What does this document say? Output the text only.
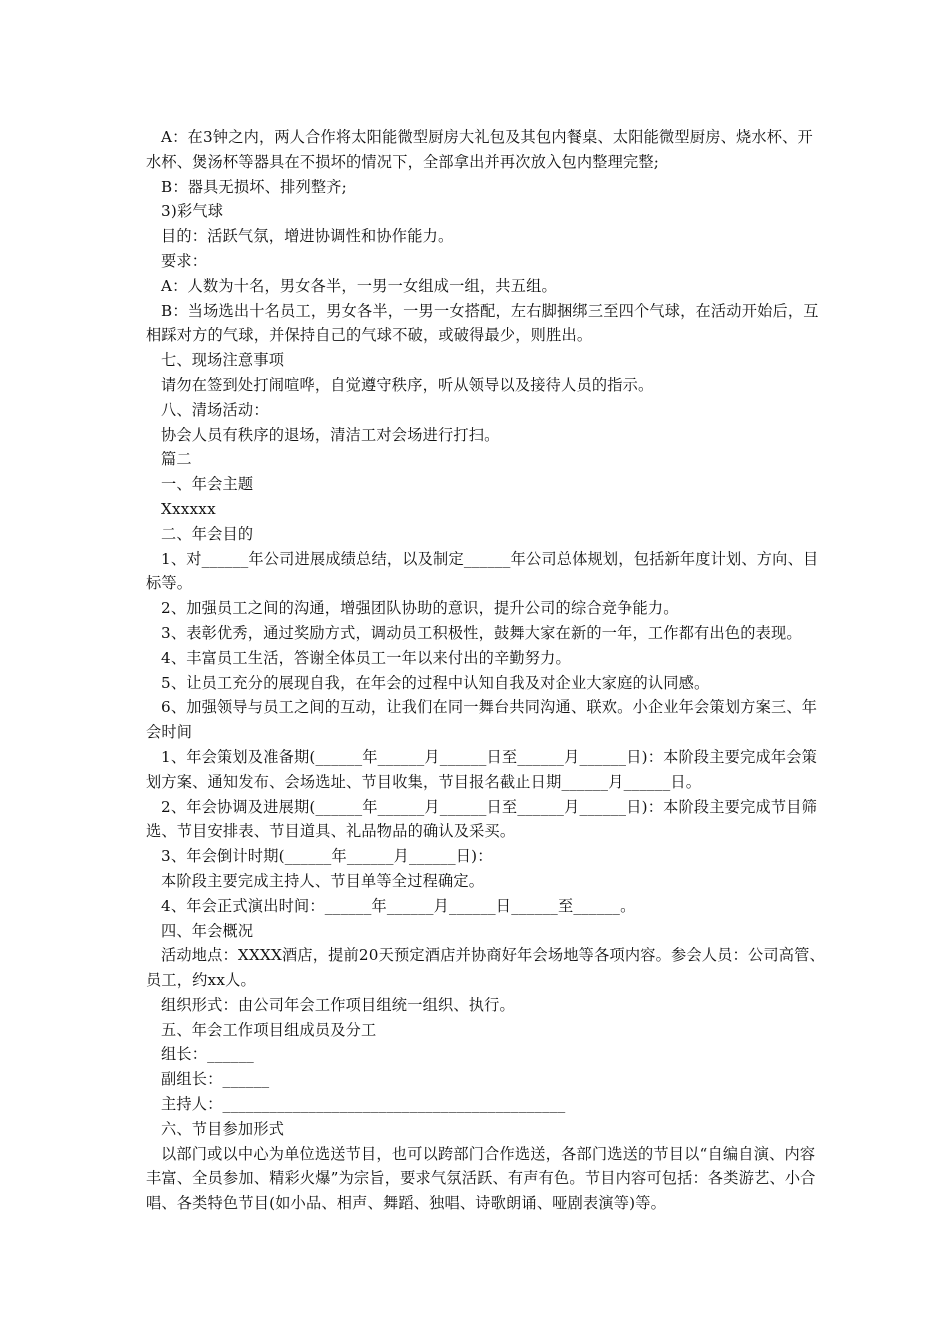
A：在3钟之内，两人合作将太阳能微型厨房大礼包及其包内餐桌、太阳能微型厨房、烧水杯、开水杯、煲汤杯等器具在不损坏的情况下，全部拿出并再次放入包内整理完整;

B：器具无损坏、排列整齐;

3)彩气球

目的：活跃气氛，增进协调性和协作能力。

要求：

A：人数为十名，男女各半，一男一女组成一组，共五组。

B：当场选出十名员工，男女各半，一男一女搭配，左右脚捆绑三至四个气球，在活动开始后，互相踩对方的气球，并保持自己的气球不破，或破得最少，则胜出。

七、现场注意事项

请勿在签到处打闹喧哗，自觉遵守秩序，听从领导以及接待人员的指示。

八、清场活动：

协会人员有秩序的退场，清洁工对会场进行打扫。

篇二

一、年会主题

Xxxxxx

二、年会目的

1、对______年公司进展成绩总结，以及制定______年公司总体规划，包括新年度计划、方向、目标等。

2、加强员工之间的沟通，增强团队协助的意识，提升公司的综合竞争能力。

3、表彰优秀，通过奖励方式，调动员工积极性，鼓舞大家在新的一年，工作都有出色的表现。

4、丰富员工生活，答谢全体员工一年以来付出的辛勤努力。

5、让员工充分的展现自我，在年会的过程中认知自我及对企业大家庭的认同感。

6、加强领导与员工之间的互动，让我们在同一舞台共同沟通、联欢。小企业年会策划方案三、年会时间

1、年会策划及准备期(______年______月______日至______月______日)：本阶段主要完成年会策划方案、通知发布、会场选址、节目收集，节目报名截止日期______月______日。

2、年会协调及进展期(______年______月______日至______月______日)：本阶段主要完成节目筛选、节目安排表、节目道具、礼品物品的确认及采买。

3、年会倒计时期(______年______月______日)：

本阶段主要完成主持人、节目单等全过程确定。

4、年会正式演出时间：______年______月______日______至______。

四、年会概况

活动地点：XXXX酒店，提前20天预定酒店并协商好年会场地等各项内容。参会人员：公司高管、员工，约xx人。

组织形式：由公司年会工作项目组统一组织、执行。

五、年会工作项目组成员及分工

组长：______

副组长：______

主持人：____________________________________________

六、节目参加形式

以部门或以中心为单位选送节目，也可以跨部门合作选送，各部门选送的节目以“自编自演、内容丰富、全员参加、精彩火爆”为宗旨，要求气氛活跃、有声有色。节目内容可包括：各类游艺、小合唱、各类特色节目(如小品、相声、舞蹈、独唱、诗歌朗诵、哑剧表演等)等。
